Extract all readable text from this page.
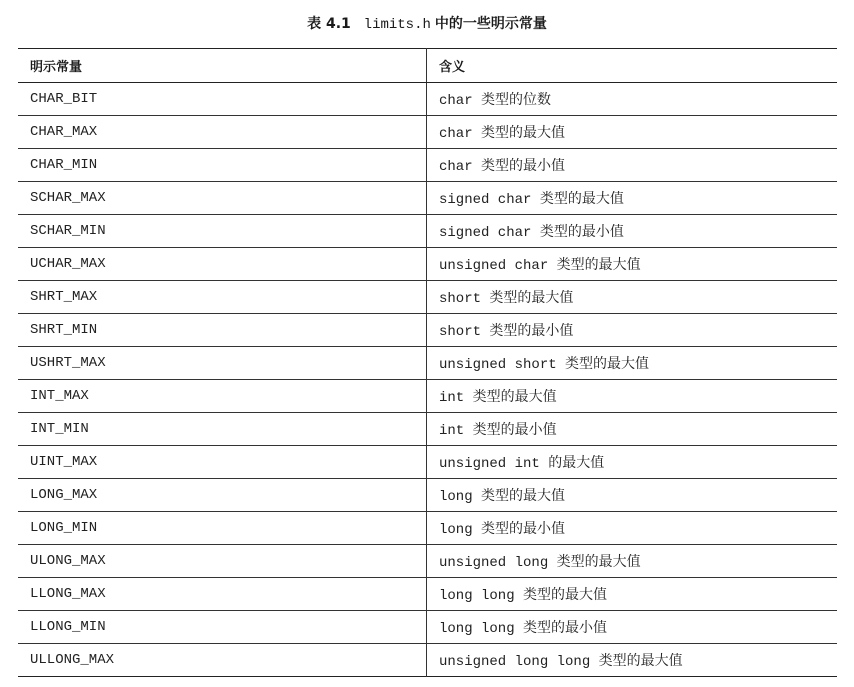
表 4.1 limits.h 中的一些明示常量
明示常量	含义
CHAR_BIT	char 类型的位数
CHAR_MAX	char 类型的最大值
CHAR_MIN	char 类型的最小值
SCHAR_MAX	signed char 类型的最大值
SCHAR_MIN	signed char 类型的最小值
UCHAR_MAX	unsigned char 类型的最大值
SHRT_MAX	short 类型的最大值
SHRT_MIN	short 类型的最小值
USHRT_MAX	unsigned short 类型的最大值
INT_MAX	int 类型的最大值
INT_MIN	int 类型的最小值
UINT_MAX	unsigned int 的最大值
LONG_MAX	long 类型的最大值
LONG_MIN	long 类型的最小值
ULONG_MAX	unsigned long 类型的最大值
LLONG_MAX	long long 类型的最大值
LLONG_MIN	long long 类型的最小值
ULLONG_MAX	unsigned long long 类型的最大值
